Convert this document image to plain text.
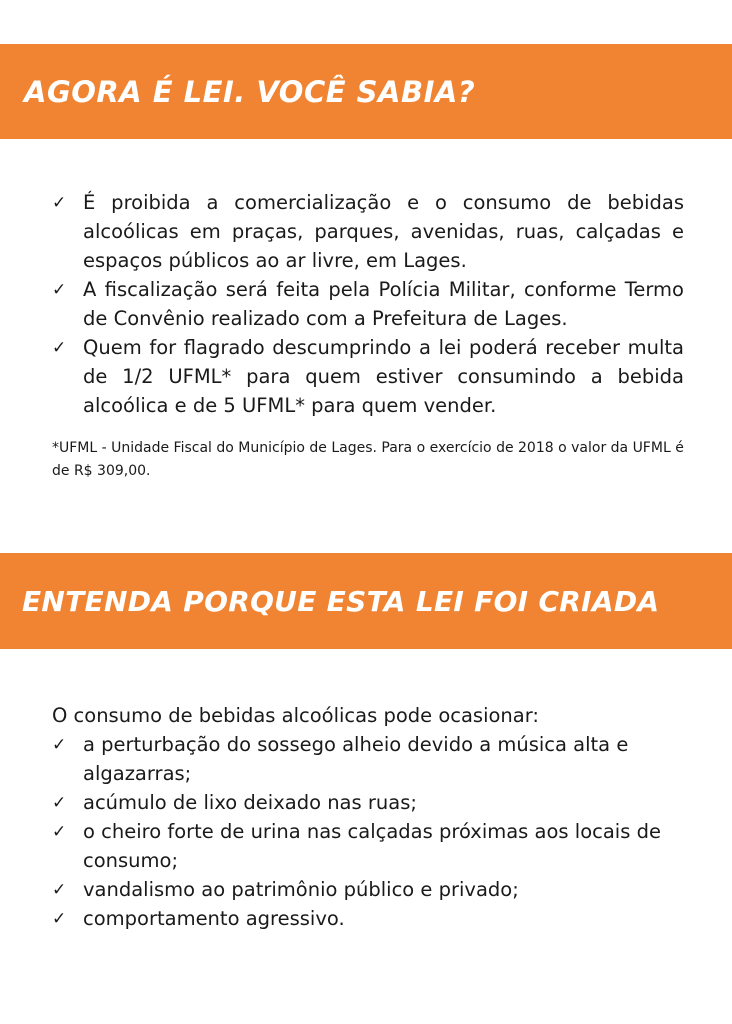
AGORA É LEI. VOCÊ SABIA?
✓ É proibida a comercialização e o consumo de bebidas alcoólicas em praças, parques, avenidas, ruas, calçadas e espaços públicos ao ar livre, em Lages.
✓ A fiscalização será feita pela Polícia Militar, conforme Termo de Convênio realizado com a Prefeitura de Lages.
✓ Quem for flagrado descumprindo a lei poderá receber multa de 1/2 UFML* para quem estiver consumindo a bebida alcoólica e de 5 UFML* para quem vender.
*UFML - Unidade Fiscal do Município de Lages. Para o exercício de 2018 o valor da UFML é de R$ 309,00.
ENTENDA PORQUE ESTA LEI FOI CRIADA

O consumo de bebidas alcoólicas pode ocasionar:

✓ a perturbação do sossego alheio devido a música alta e algazarras;
✓ acúmulo de lixo deixado nas ruas;
✓ o cheiro forte de urina nas calçadas próximas aos locais de consumo;
✓ vandalismo ao patrimônio público e privado;
✓ comportamento agressivo.
